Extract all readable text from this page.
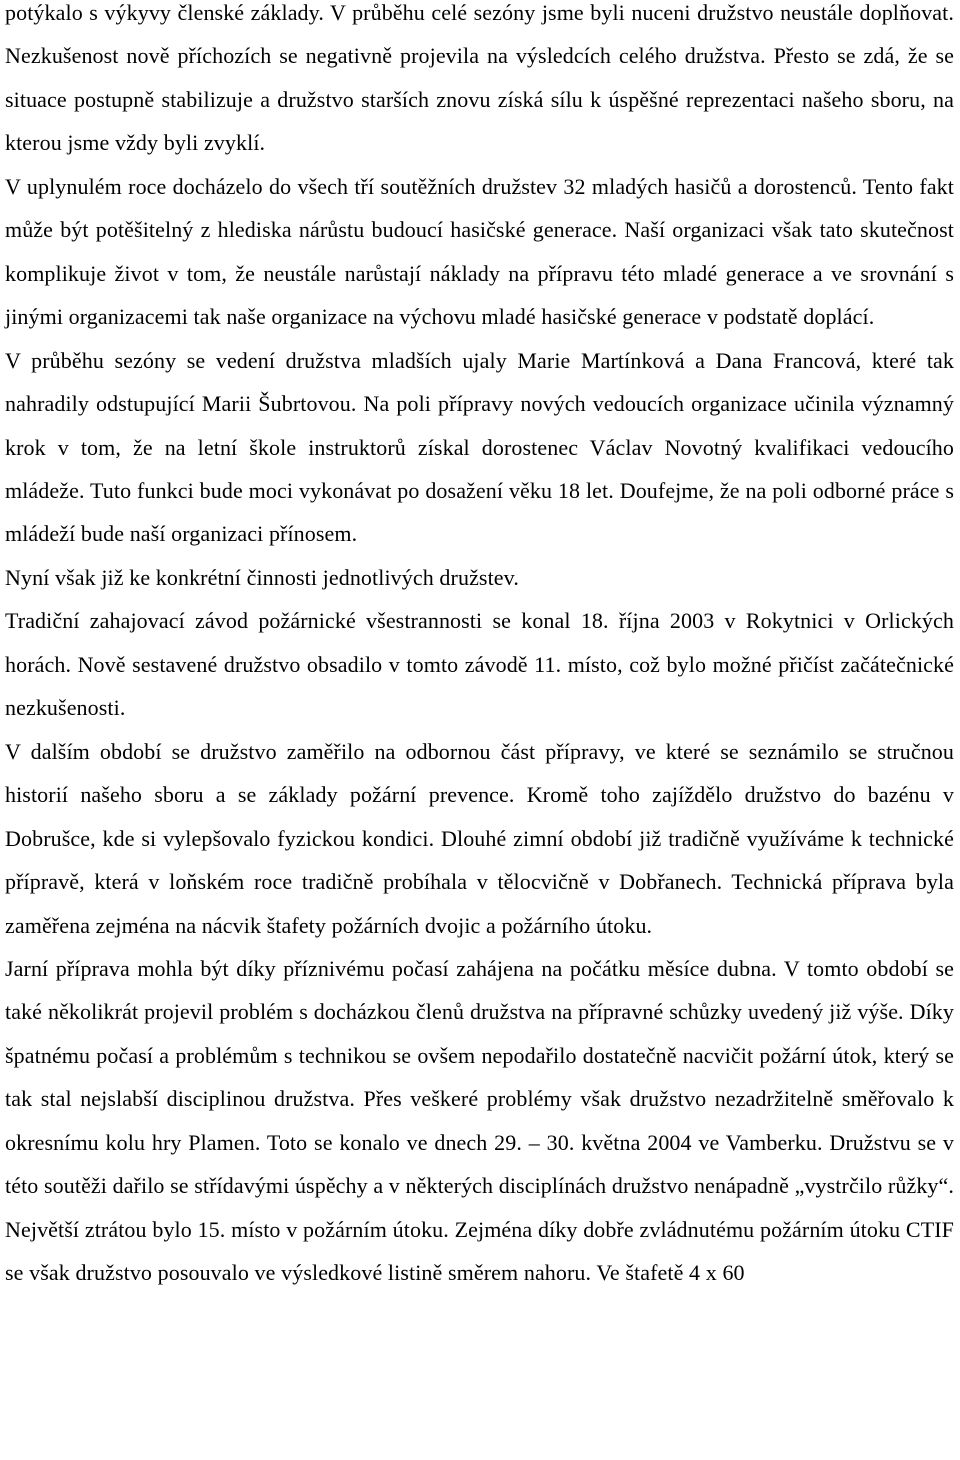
potýkalo s výkyvy členské základy. V průběhu celé sezóny jsme byli nuceni družstvo neustále doplňovat. Nezkušenost nově příchozích se negativně projevila na výsledcích celého družstva. Přesto se zdá, že se situace postupně stabilizuje a družstvo starších znovu získá sílu k úspěšné reprezentaci našeho sboru, na kterou jsme vždy byli zvyklí.

V uplynulém roce docházelo do všech tří soutěžních družstev 32 mladých hasičů a dorostenců. Tento fakt může být potěšitelný z hlediska nárůstu budoucí hasičské generace. Naší organizaci však tato skutečnost komplikuje život v tom, že neustále narůstají náklady na přípravu této mladé generace a ve srovnání s jinými organizacemi tak naše organizace na výchovu mladé hasičské generace v podstatě doplácí.

V průběhu sezóny se vedení družstva mladších ujaly Marie Martínková a Dana Francová, které tak nahradily odstupující Marii Šubrtovou. Na poli přípravy nových vedoucích organizace učinila významný krok v tom, že na letní škole instruktorů získal dorostenec Václav Novotný kvalifikaci vedoucího mládeže. Tuto funkci bude moci vykonávat po dosažení věku 18 let. Doufejme, že na poli odborné práce s mládeží bude naší organizaci přínosem.

Nyní však již ke konkrétní činnosti jednotlivých družstev.

Tradiční zahajovací závod požárnické všestrannosti se konal 18. října 2003 v Rokytnici v Orlických horách. Nově sestavené družstvo obsadilo v tomto závodě 11. místo, což bylo možné přičíst začátečnické nezkušenosti.

V dalším období se družstvo zaměřilo na odbornou část přípravy, ve které se seznámilo se stručnou historií našeho sboru a se základy požární prevence. Kromě toho zajíždělo družstvo do bazénu v Dobrušce, kde si vylepšovalo fyzickou kondici. Dlouhé zimní období již tradičně využíváme k technické přípravě, která v loňském roce tradičně probíhala v tělocvičně v Dobřanech. Technická příprava byla zaměřena zejména na nácvik štafety požárních dvojic a požárního útoku.

Jarní příprava mohla být díky příznivému počasí zahájena na počátku měsíce dubna. V tomto období se také několikrát projevil problém s docházkou členů družstva na přípravné schůzky uvedený již výše. Díky špatnému počasí a problémům s technikou se ovšem nepodařilo dostatečně nacvičit požární útok, který se tak stal nejslabší disciplinou družstva. Přes veškeré problémy však družstvo nezadržitelně směřovalo k okresnímu kolu hry Plamen. Toto se konalo ve dnech 29. – 30. května 2004 ve Vamberku. Družstvu se v této soutěži dařilo se střídavými úspěchy a v některých disciplínách družstvo nenápadně „vystrčilo růžky“. Největší ztrátou bylo 15. místo v požárním útoku. Zejména díky dobře zvládnutému požárním útoku CTIF se však družstvo posouvalo ve výsledkové listině směrem nahoru. Ve štafetě 4 x 60
